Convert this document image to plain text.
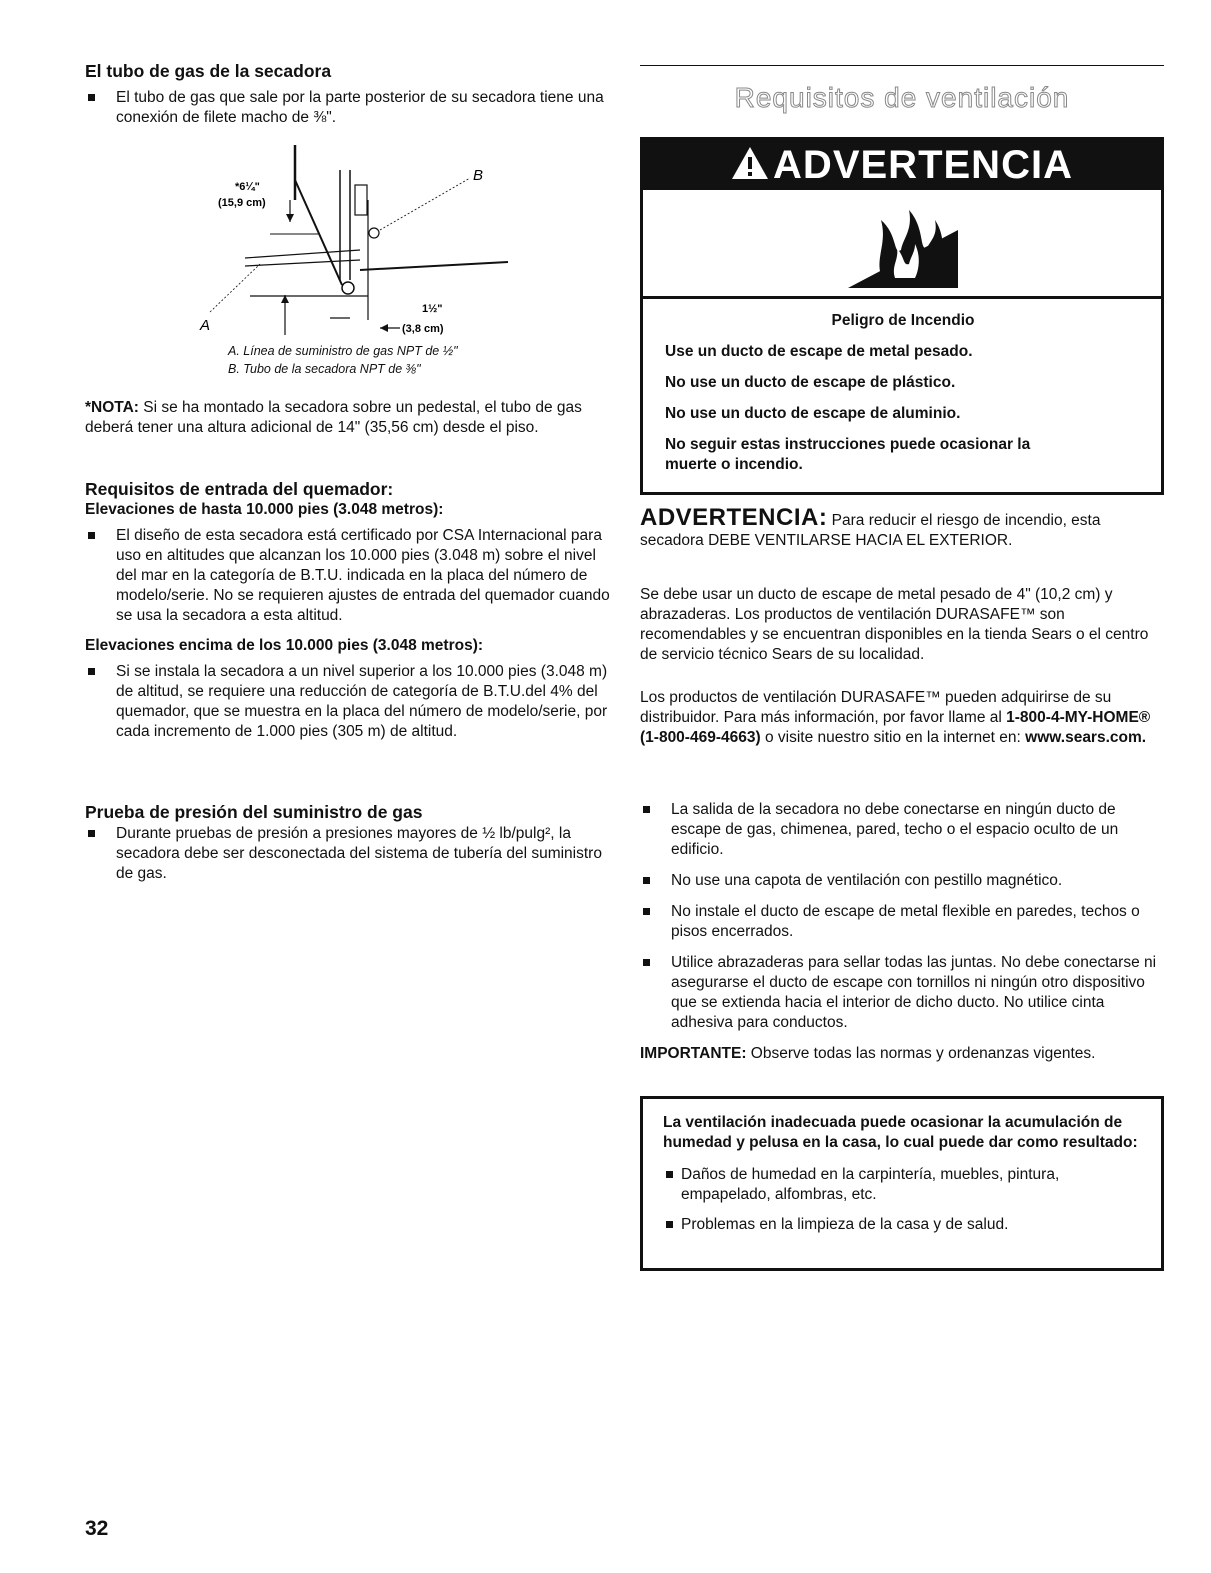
El tubo de gas de la secadora
El tubo de gas que sale por la parte posterior de su secadora tiene una conexión de filete macho de ⅜".
B
A
*6¼"
(15,9 cm)
1½"
(3,8 cm)
A. Línea de suministro de gas NPT de ½"
B. Tubo de la secadora NPT de ⅜"

*NOTA: Si se ha montado la secadora sobre un pedestal, el tubo de gas deberá tener una altura adicional de 14" (35,56 cm) desde el piso.

Requisitos de entrada del quemador:
Elevaciones de hasta 10.000 pies (3.048 metros):
El diseño de esta secadora está certificado por CSA Internacional para uso en altitudes que alcanzan los 10.000 pies (3.048 m) sobre el nivel del mar en la categoría de B.T.U. indicada en la placa del número de modelo/serie. No se requieren ajustes de entrada del quemador cuando se usa la secadora a esta altitud.
Elevaciones encima de los 10.000 pies (3.048 metros):
Si se instala la secadora a un nivel superior a los 10.000 pies (3.048 m) de altitud, se requiere una reducción de categoría de B.T.U.del 4% del quemador, que se muestra en la placa del número de modelo/serie, por cada incremento de 1.000 pies (305 m) de altitud.
Prueba de presión del suministro de gas
Durante pruebas de presión a presiones mayores de ½ lb/pulg², la secadora debe ser desconectada del sistema de tubería del suministro de gas.
Requisitos de ventilación
ADVERTENCIA

Peligro de Incendio

Use un ducto de escape de metal pesado.

No use un ducto de escape de plástico.

No use un ducto de escape de aluminio.

No seguir estas instrucciones puede ocasionar la muerte o incendio.

ADVERTENCIA: Para reducir el riesgo de incendio, esta secadora DEBE VENTILARSE HACIA EL EXTERIOR.

Se debe usar un ducto de escape de metal pesado de 4" (10,2 cm) y abrazaderas. Los productos de ventilación DURASAFE™ son recomendables y se encuentran disponibles en la tienda Sears o el centro de servicio técnico Sears de su localidad.

Los productos de ventilación DURASAFE™ pueden adquirirse de su distribuidor. Para más información, por favor llame al 1-800-4-MY-HOME® (1-800-469-4663) o visite nuestro sitio en la internet en: www.sears.com.

La salida de la secadora no debe conectarse en ningún ducto de escape de gas, chimenea, pared, techo o el espacio oculto de un edificio.
No use una capota de ventilación con pestillo magnético.
No instale el ducto de escape de metal flexible en paredes, techos o pisos encerrados.
Utilice abrazaderas para sellar todas las juntas. No debe conectarse ni asegurarse el ducto de escape con tornillos ni ningún otro dispositivo que se extienda hacia el interior de dicho ducto. No utilice cinta adhesiva para conductos.

IMPORTANTE: Observe todas las normas y ordenanzas vigentes.

La ventilación inadecuada puede ocasionar la acumulación de humedad y pelusa en la casa, lo cual puede dar como resultado:

Daños de humedad en la carpintería, muebles, pintura, empapelado, alfombras, etc.
Problemas en la limpieza de la casa y de salud.
32
